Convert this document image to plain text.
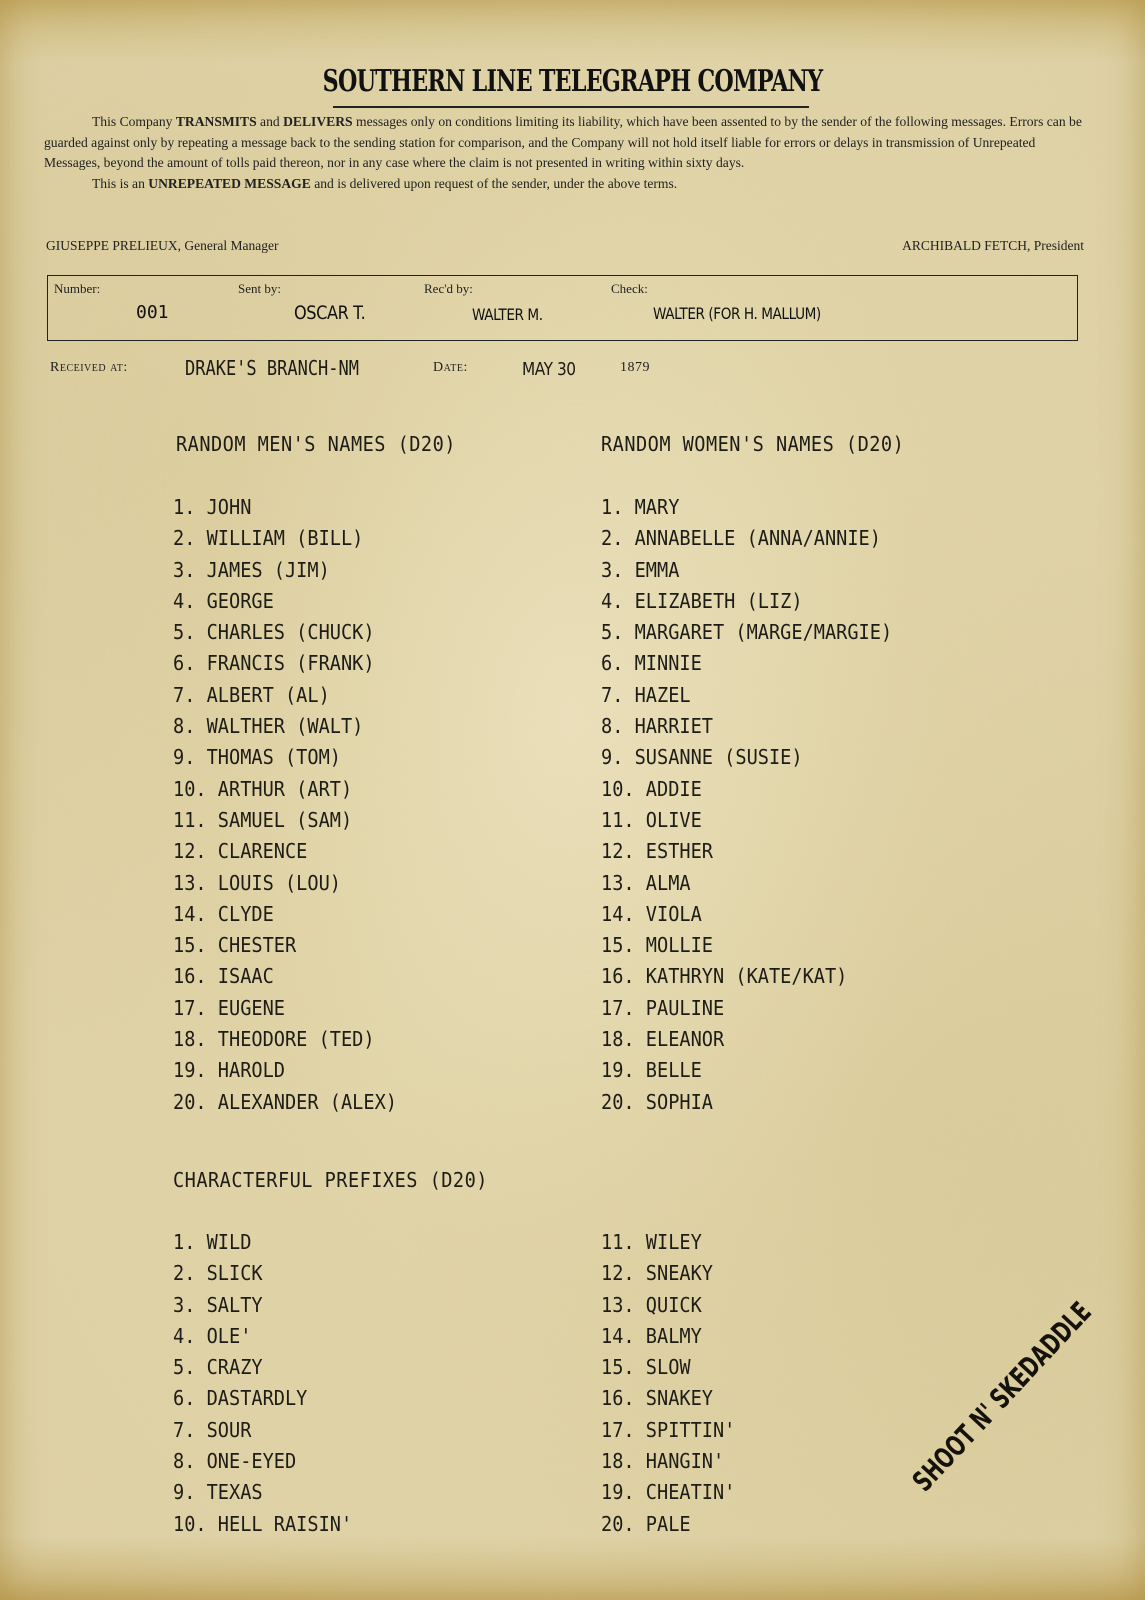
SOUTHERN LINE TELEGRAPH COMPANY

This Company TRANSMITS and DELIVERS messages only on conditions limiting its liability, which have been assented to by the sender of the following messages. Errors can be guarded against only by repeating a message back to the sending station for comparison, and the Company will not hold itself liable for errors or delays in transmission of Unrepeated Messages, beyond the amount of tolls paid thereon, nor in any case where the claim is not presented in writing within sixty days.

This is an UNREPEATED MESSAGE and is delivered upon request of the sender, under the above terms.

GIUSEPPE PRELIEUX, General Manager	ARCHIBALD FETCH, President
Number:
001
Sent by:
OSCAR T.
Rec'd by:
WALTER M.
Check:
WALTER (FOR H. MALLUM)
Received at:	DRAKE'S BRANCH-NM	Date:	MAY 30	1879
RANDOM MEN'S NAMES (D20)
1. JOHN
2. WILLIAM (BILL)
3. JAMES (JIM)
4. GEORGE
5. CHARLES (CHUCK)
6. FRANCIS (FRANK)
7. ALBERT (AL)
8. WALTHER (WALT)
9. THOMAS (TOM)
10. ARTHUR (ART)
11. SAMUEL (SAM)
12. CLARENCE
13. LOUIS (LOU)
14. CLYDE
15. CHESTER
16. ISAAC
17. EUGENE
18. THEODORE (TED)
19. HAROLD
20. ALEXANDER (ALEX)
RANDOM WOMEN'S NAMES (D20)
1. MARY
2. ANNABELLE (ANNA/ANNIE)
3. EMMA
4. ELIZABETH (LIZ)
5. MARGARET (MARGE/MARGIE)
6. MINNIE
7. HAZEL
8. HARRIET
9. SUSANNE (SUSIE)
10. ADDIE
11. OLIVE
12. ESTHER
13. ALMA
14. VIOLA
15. MOLLIE
16. KATHRYN (KATE/KAT)
17. PAULINE
18. ELEANOR
19. BELLE
20. SOPHIA
CHARACTERFUL PREFIXES (D20)
1. WILD
2. SLICK
3. SALTY
4. OLE'
5. CRAZY
6. DASTARDLY
7. SOUR
8. ONE-EYED
9. TEXAS
10. HELL RAISIN'
11. WILEY
12. SNEAKY
13. QUICK
14. BALMY
15. SLOW
16. SNAKEY
17. SPITTIN'
18. HANGIN'
19. CHEATIN'
20. PALE
SHOOT N' SKEDADDLE
